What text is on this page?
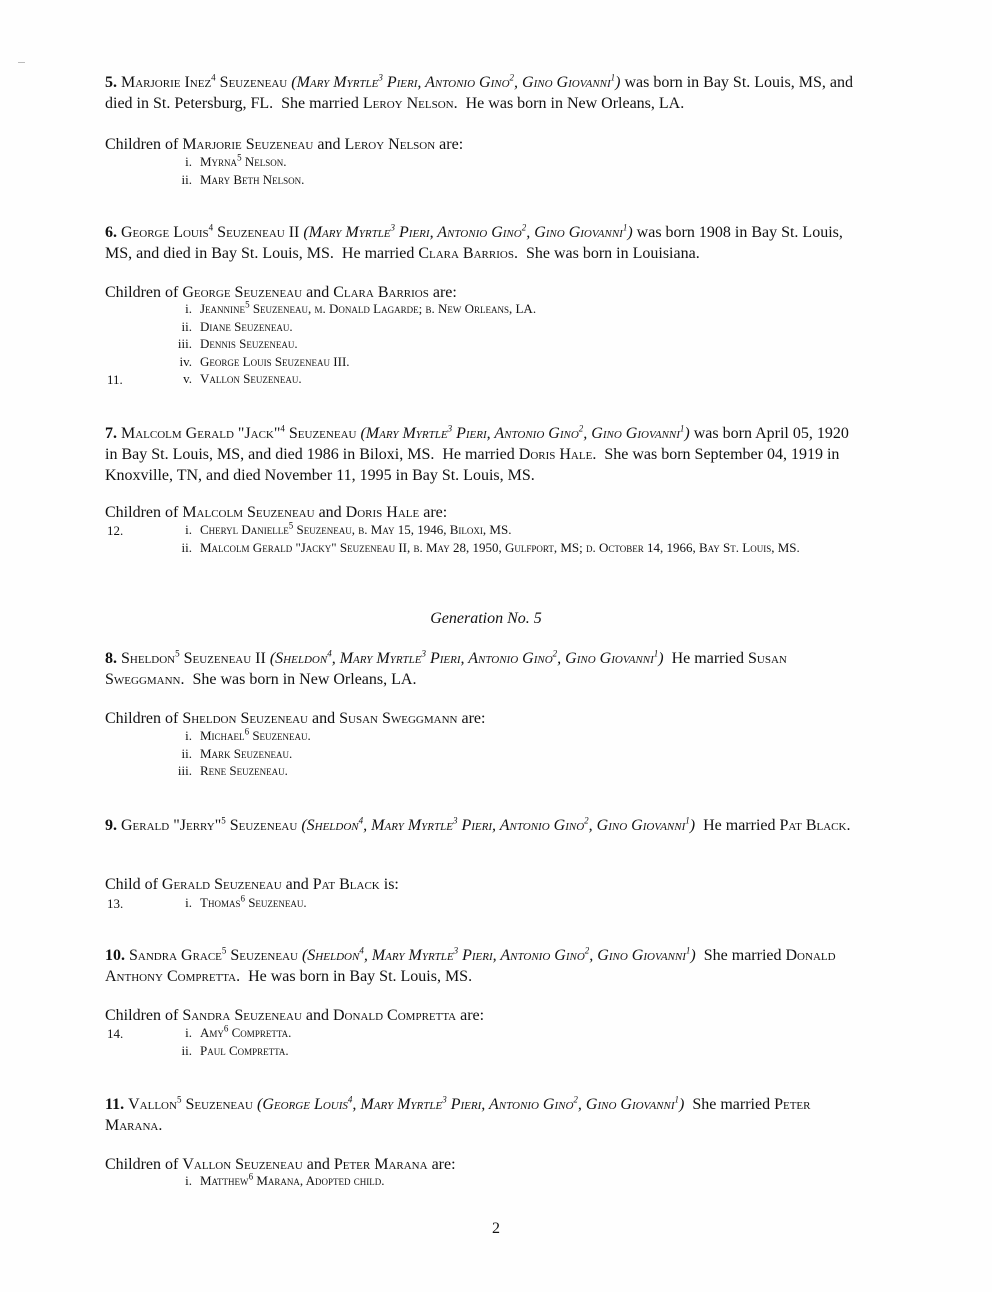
5. Marjorie Inez$^4$ Seuzeneau (Mary Myrtle$^3$ Pieri, Antonio Gino$^2$, Gino Giovanni$^1$) was born in Bay St. Louis, MS, and died in St. Petersburg, FL.  She married Leroy Nelson.  He was born in New Orleans, LA.
Children of Marjorie Seuzeneau and Leroy Nelson are:
i. Myrna$^5$ Nelson.
ii. Mary Beth Nelson.
6. George Louis$^4$ Seuzeneau II (Mary Myrtle$^3$ Pieri, Antonio Gino$^2$, Gino Giovanni$^1$) was born 1908 in Bay St. Louis, MS, and died in Bay St. Louis, MS.  He married Clara Barrios.  She was born in Louisiana.
Children of George Seuzeneau and Clara Barrios are:
i. Jeannine$^5$ Seuzeneau, m. Donald Lagarde; b. New Orleans, LA.
ii. Diane Seuzeneau.
iii. Dennis Seuzeneau.
iv. George Louis Seuzeneau III.
11.	v. Vallon Seuzeneau.
7. Malcolm Gerald "Jack"$^4$ Seuzeneau (Mary Myrtle$^3$ Pieri, Antonio Gino$^2$, Gino Giovanni$^1$) was born April 05, 1920 in Bay St. Louis, MS, and died 1986 in Biloxi, MS.  He married Doris Hale.  She was born September 04, 1919 in Knoxville, TN, and died November 11, 1995 in Bay St. Louis, MS.
Children of Malcolm Seuzeneau and Doris Hale are:
12.	i. Cheryl Danielle$^5$ Seuzeneau, b. May 15, 1946, Biloxi, MS.
ii. Malcolm Gerald "Jacky" Seuzeneau II, b. May 28, 1950, Gulfport, MS; d. October 14, 1966, Bay St. Louis, MS.
Generation No. 5
8. Sheldon$^5$ Seuzeneau II (Sheldon$^4$, Mary Myrtle$^3$ Pieri, Antonio Gino$^2$, Gino Giovanni$^1$)  He married Susan Sweggmann.  She was born in New Orleans, LA.
Children of Sheldon Seuzeneau and Susan Sweggmann are:
i. Michael$^6$ Seuzeneau.
ii. Mark Seuzeneau.
iii. Rene Seuzeneau.
9. Gerald "Jerry"$^5$ Seuzeneau (Sheldon$^4$, Mary Myrtle$^3$ Pieri, Antonio Gino$^2$, Gino Giovanni$^1$)  He married Pat Black.
Child of Gerald Seuzeneau and Pat Black is:
13.	i. Thomas$^6$ Seuzeneau.
10. Sandra Grace$^5$ Seuzeneau (Sheldon$^4$, Mary Myrtle$^3$ Pieri, Antonio Gino$^2$, Gino Giovanni$^1$)  She married Donald Anthony Compretta.  He was born in Bay St. Louis, MS.
Children of Sandra Seuzeneau and Donald Compretta are:
14.	i. Amy$^6$ Compretta.
ii. Paul Compretta.
11. Vallon$^5$ Seuzeneau (George Louis$^4$, Mary Myrtle$^3$ Pieri, Antonio Gino$^2$, Gino Giovanni$^1$)  She married Peter Marana.
Children of Vallon Seuzeneau and Peter Marana are:
i. Matthew$^6$ Marana, Adopted child.
2
